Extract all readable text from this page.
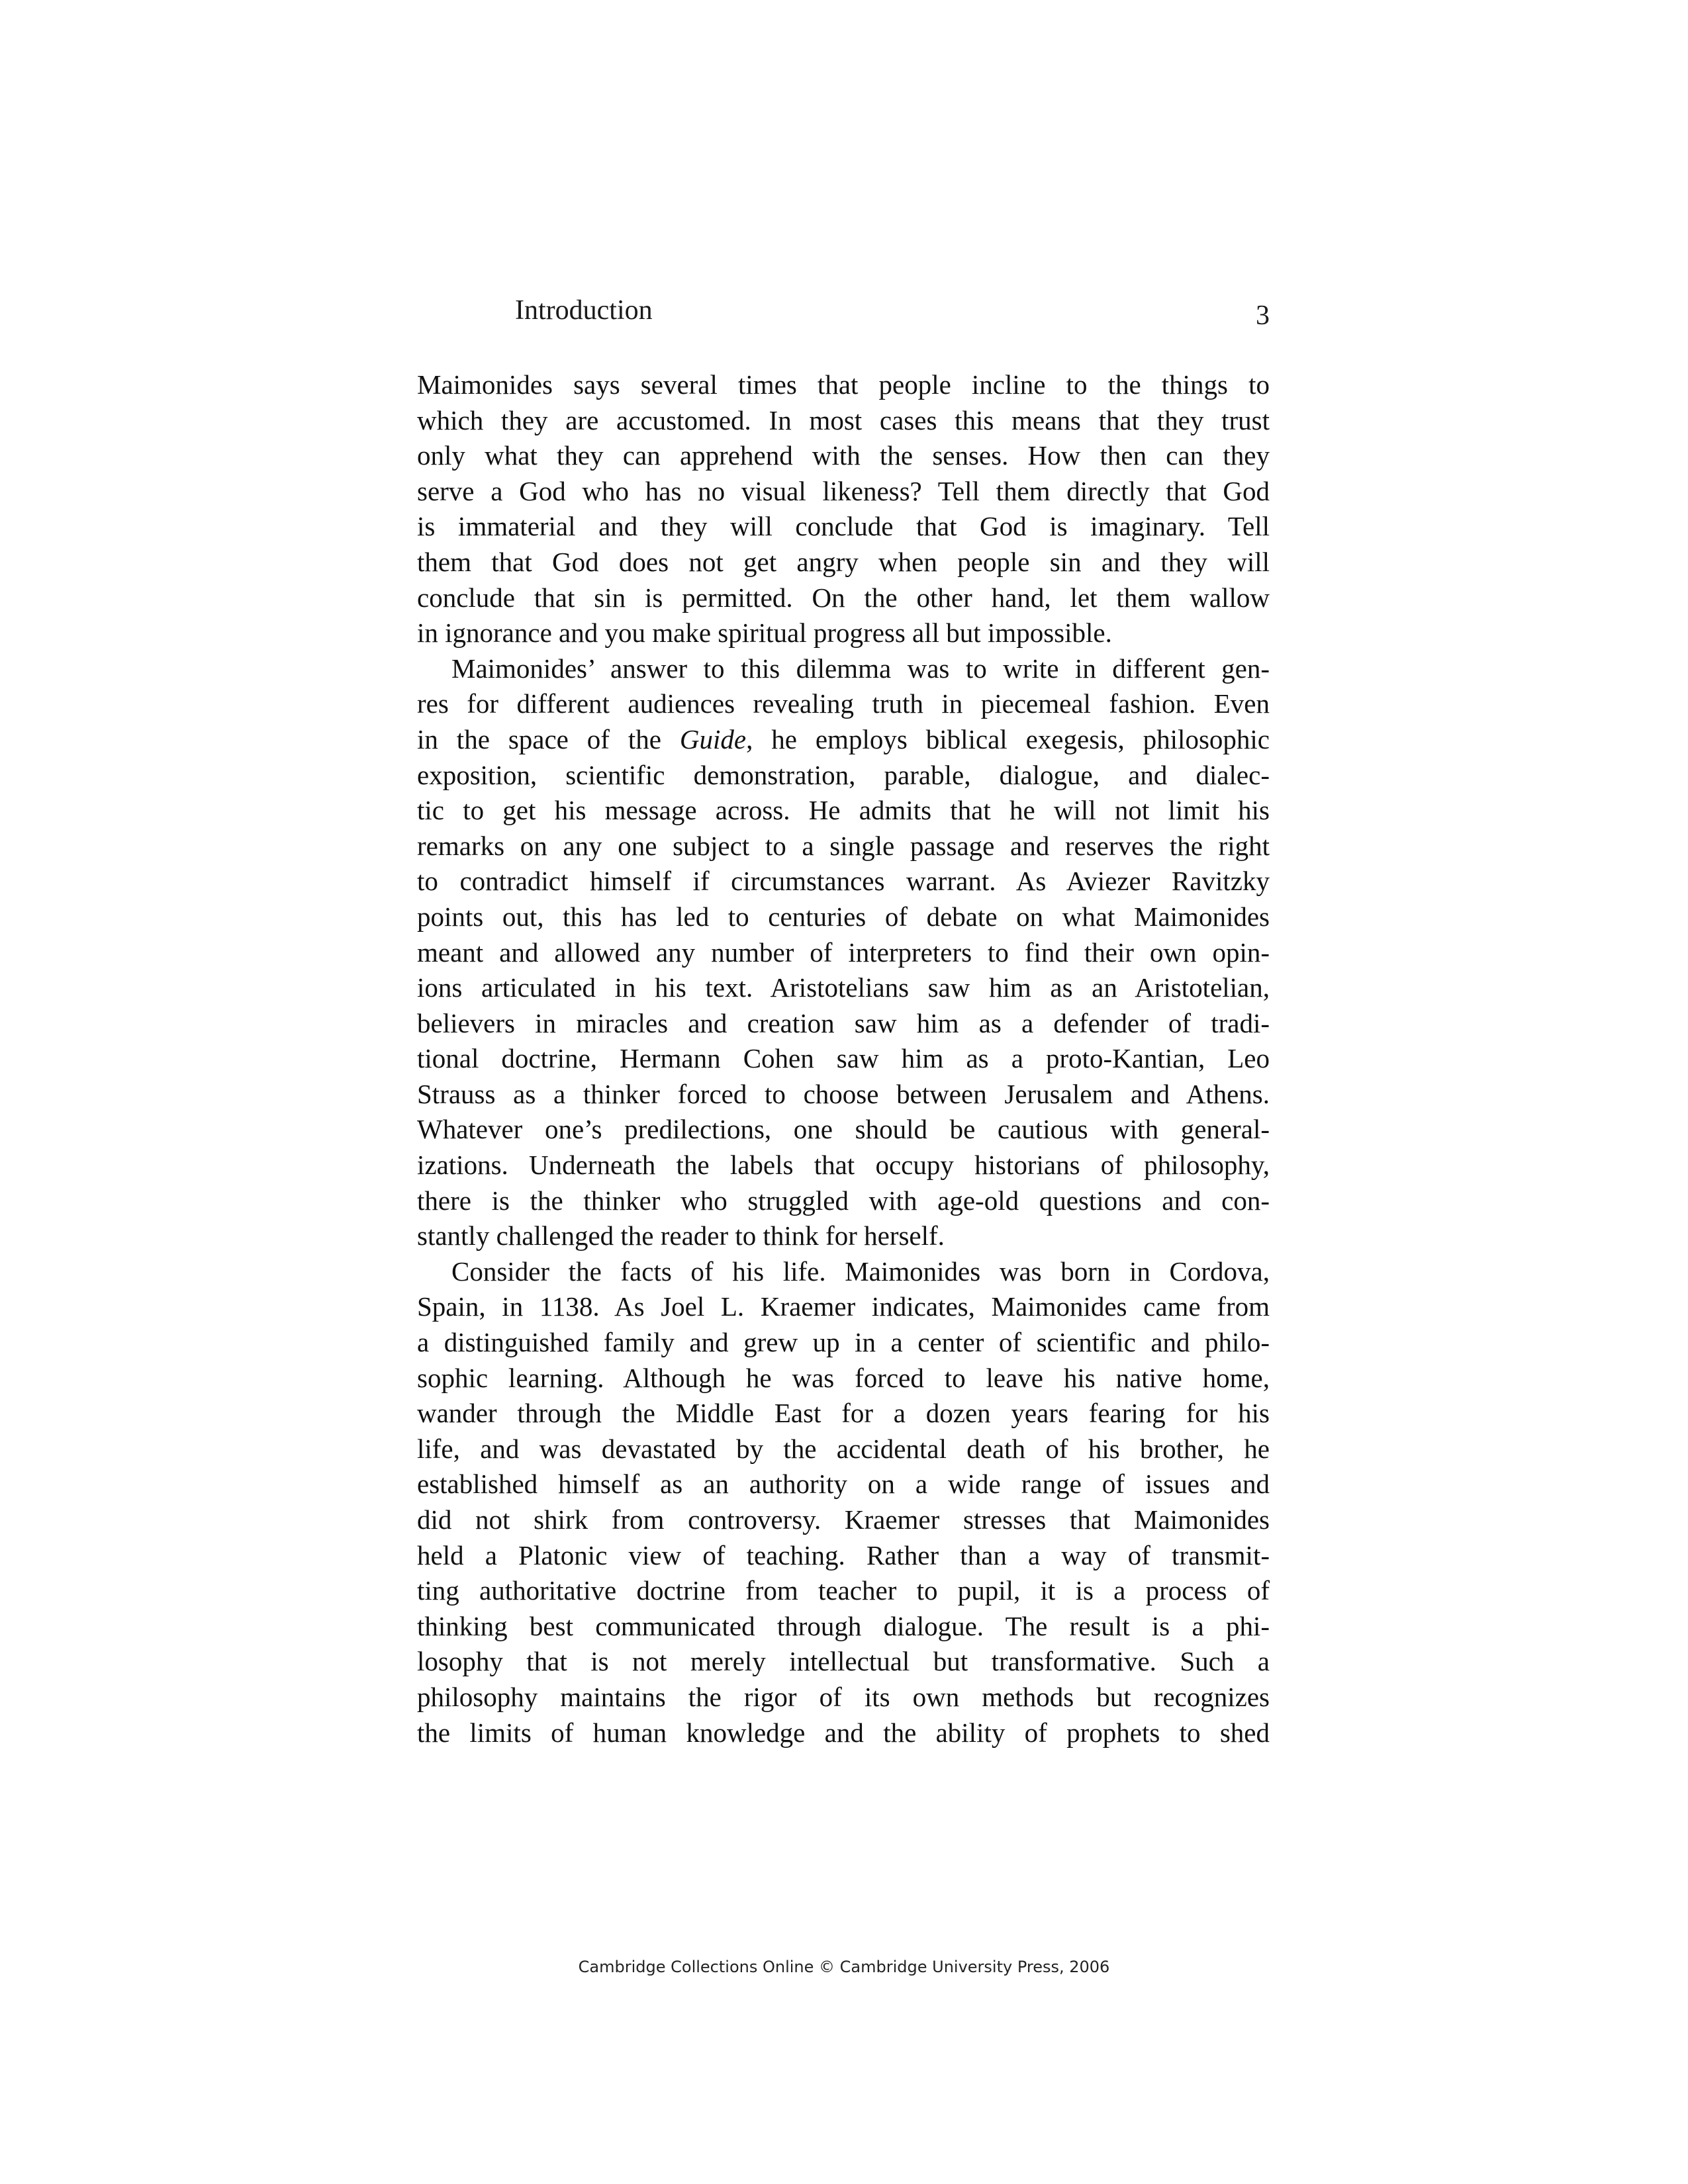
Introduction	3
Maimonides says several times that people incline to the things to
which they are accustomed. In most cases this means that they trust
only what they can apprehend with the senses. How then can they
serve a God who has no visual likeness? Tell them directly that God
is immaterial and they will conclude that God is imaginary. Tell
them that God does not get angry when people sin and they will
conclude that sin is permitted. On the other hand, let them wallow
in ignorance and you make spiritual progress all but impossible.
Maimonides’ answer to this dilemma was to write in different gen-
res for different audiences revealing truth in piecemeal fashion. Even
in the space of the Guide, he employs biblical exegesis, philosophic
exposition, scientific demonstration, parable, dialogue, and dialec-
tic to get his message across. He admits that he will not limit his
remarks on any one subject to a single passage and reserves the right
to contradict himself if circumstances warrant. As Aviezer Ravitzky
points out, this has led to centuries of debate on what Maimonides
meant and allowed any number of interpreters to find their own opin-
ions articulated in his text. Aristotelians saw him as an Aristotelian,
believers in miracles and creation saw him as a defender of tradi-
tional doctrine, Hermann Cohen saw him as a proto-Kantian, Leo
Strauss as a thinker forced to choose between Jerusalem and Athens.
Whatever one’s predilections, one should be cautious with general-
izations. Underneath the labels that occupy historians of philosophy,
there is the thinker who struggled with age-old questions and con-
stantly challenged the reader to think for herself.
Consider the facts of his life. Maimonides was born in Cordova,
Spain, in 1138. As Joel L. Kraemer indicates, Maimonides came from
a distinguished family and grew up in a center of scientific and philo-
sophic learning. Although he was forced to leave his native home,
wander through the Middle East for a dozen years fearing for his
life, and was devastated by the accidental death of his brother, he
established himself as an authority on a wide range of issues and
did not shirk from controversy. Kraemer stresses that Maimonides
held a Platonic view of teaching. Rather than a way of transmit-
ting authoritative doctrine from teacher to pupil, it is a process of
thinking best communicated through dialogue. The result is a phi-
losophy that is not merely intellectual but transformative. Such a
philosophy maintains the rigor of its own methods but recognizes
the limits of human knowledge and the ability of prophets to shed
Cambridge Collections Online © Cambridge University Press, 2006
